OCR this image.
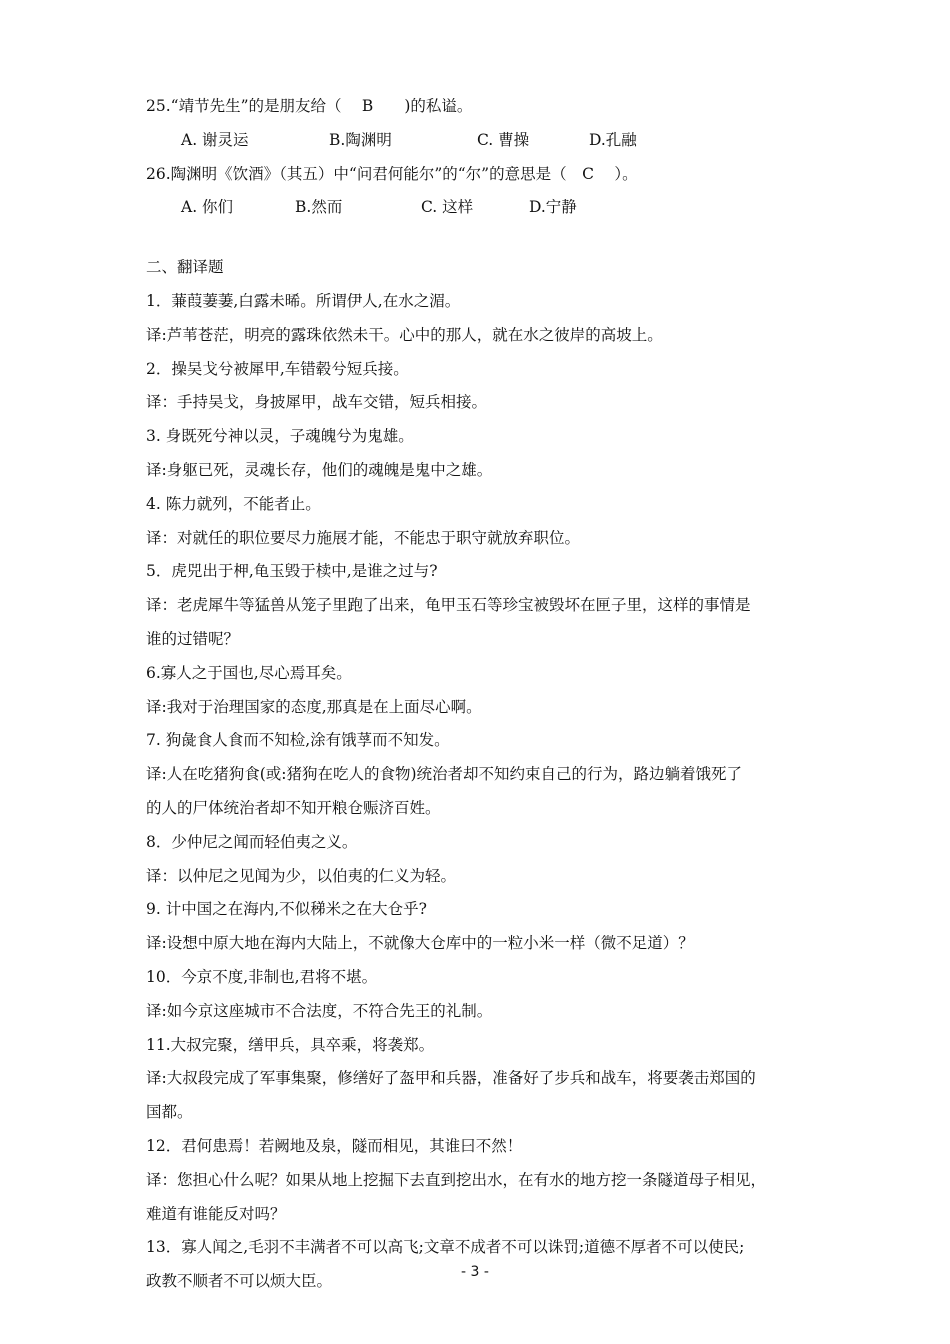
25.“靖节先生”的是朋友给（　 B　　)的私谥。
A. 谢灵运	B.陶渊明	C. 曹操	D.孔融
26.陶渊明《饮酒》（其五）中“问君何能尔”的“尔”的意思是（　C　 ）。
A. 你们	B.然而	C. 这样	D.宁静
二、翻译题
1．蒹葭萋萋,白露未晞。所谓伊人,在水之湄。
译:芦苇苍茫，明亮的露珠依然未干。心中的那人，就在水之彼岸的高坡上。
2．操吴戈兮被犀甲,车错毂兮短兵接。
译：手持吴戈，身披犀甲，战车交错，短兵相接。
3. 身既死兮神以灵，子魂魄兮为鬼雄。
译:身躯已死，灵魂长存，他们的魂魄是鬼中之雄。
4. 陈力就列，不能者止。
译：对就任的职位要尽力施展才能，不能忠于职守就放弃职位。
5．虎兕出于柙,龟玉毁于椟中,是谁之过与?
译：老虎犀牛等猛兽从笼子里跑了出来，龟甲玉石等珍宝被毁坏在匣子里，这样的事情是
谁的过错呢？
6.寡人之于国也,尽心焉耳矣。
译:我对于治理国家的态度,那真是在上面尽心啊。
7. 狗彘食人食而不知检,涂有饿莩而不知发。
译:人在吃猪狗食(或:猪狗在吃人的食物)统治者却不知约束自己的行为，路边躺着饿死了
的人的尸体统治者却不知开粮仓赈济百姓。
8．少仲尼之闻而轻伯夷之义。
译：以仲尼之见闻为少，以伯夷的仁义为轻。
9. 计中国之在海内,不似稊米之在大仓乎?
译:设想中原大地在海内大陆上，不就像大仓库中的一粒小米一样（微不足道）？
10．今京不度,非制也,君将不堪。
译:如今京这座城市不合法度，不符合先王的礼制。
11.大叔完聚，缮甲兵，具卒乘，将袭郑。
译:大叔段完成了军事集聚，修缮好了盔甲和兵器，准备好了步兵和战车，将要袭击郑国的
国都。
12．君何患焉！若阙地及泉，隧而相见，其谁曰不然！
译：您担心什么呢？如果从地上挖掘下去直到挖出水，在有水的地方挖一条隧道母子相见，
难道有谁能反对吗？
13．寡人闻之,毛羽不丰满者不可以高飞;文章不成者不可以诛罚;道德不厚者不可以使民;
政教不顺者不可以烦大臣。
- 3 -
